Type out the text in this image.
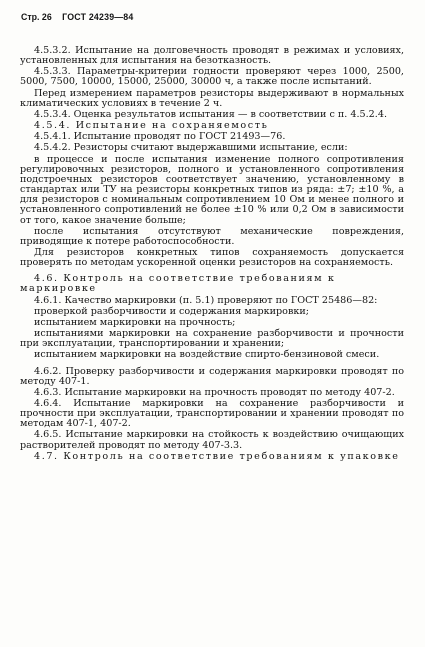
Стр. 26 ГОСТ 24239—84

4.5.3.2. Испытание на долговечность проводят в режимах и условиях, установленных для испытания на безотказность.

4.5.3.3. Параметры-критерии годности проверяют через 1000, 2500, 5000, 7500, 10000, 15000, 25000, 30000 ч, а также после испытаний.

Перед измерением параметров резисторы выдерживают в нормальных климатических условиях в течение 2 ч.

4.5.3.4. Оценка результатов испытания — в соответствии с п. 4.5.2.4.

4.5.4. Испытание на сохраняемость

4.5.4.1. Испытание проводят по ГОСТ 21493—76.

4.5.4.2. Резисторы считают выдержавшими испытание, если:

в процессе и после испытания изменение полного сопротивления регулировочных резисторов, полного и установленного сопротивления подстроечных резисторов соответствует значению, установленному в стандартах или ТУ на резисторы конкретных типов из ряда: ±7; ±10 %, а для резисторов с номинальным сопротивлением 10 Ом и менее полного и установленного сопротивлений не более ±10 % или 0,2 Ом в зависимости от того, какое значение больше;

после испытания отсутствуют механические повреждения, приводящие к потере работоспособности.

Для резисторов конкретных типов сохраняемость допускается проверять по методам ускоренной оценки резисторов на сохраняемость.

4.6. Контроль на соответствие требованиям к маркировке

4.6.1. Качество маркировки (п. 5.1) проверяют по ГОСТ 25486—82:

проверкой разборчивости и содержания маркировки;

испытанием маркировки на прочность;

испытаниями маркировки на сохранение разборчивости и прочности при эксплуатации, транспортировании и хранении;

испытанием маркировки на воздействие спирто-бензиновой смеси.

4.6.2. Проверку разборчивости и содержания маркировки проводят по методу 407-1.

4.6.3. Испытание маркировки на прочность проводят по методу 407-2.

4.6.4. Испытание маркировки на сохранение разборчивости и прочности при эксплуатации, транспортировании и хранении проводят по методам 407-1, 407-2.

4.6.5. Испытание маркировки на стойкость к воздействию очищающих растворителей проводят по методу 407-3.3.

4.7. Контроль на соответствие требованиям к упаковке
